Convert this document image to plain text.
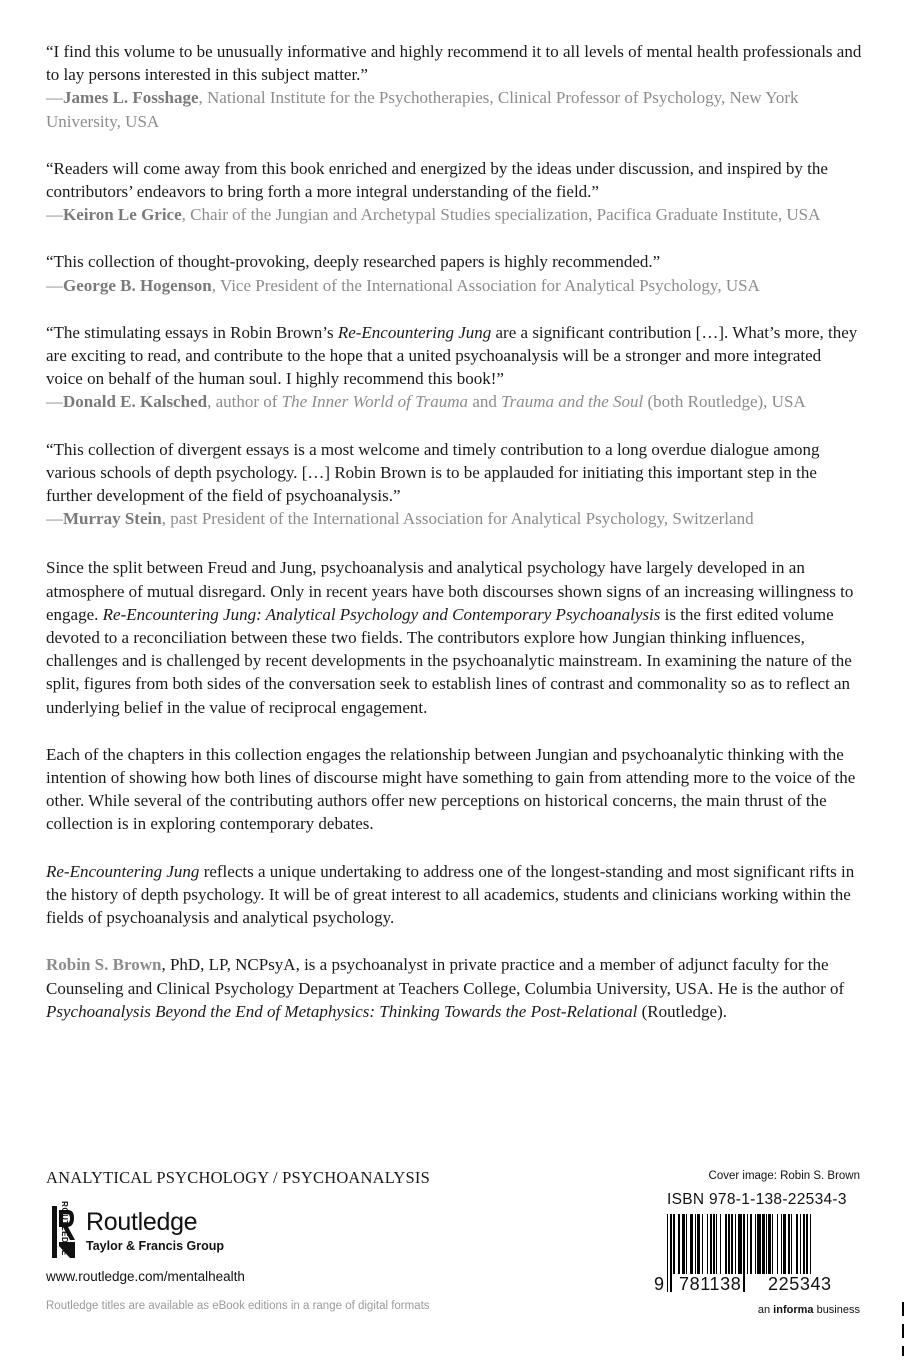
“I find this volume to be unusually informative and highly recommend it to all levels of mental health professionals and to lay persons interested in this subject matter.”
—James L. Fosshage, National Institute for the Psychotherapies, Clinical Professor of Psychology, New York University, USA

“Readers will come away from this book enriched and energized by the ideas under discussion, and inspired by the contributors’ endeavors to bring forth a more integral understanding of the field.”
—Keiron Le Grice, Chair of the Jungian and Archetypal Studies specialization, Pacifica Graduate Institute, USA

“This collection of thought-provoking, deeply researched papers is highly recommended.”
—George B. Hogenson, Vice President of the International Association for Analytical Psychology, USA

“The stimulating essays in Robin Brown’s Re-Encountering Jung are a significant contribution […]. What’s more, they are exciting to read, and contribute to the hope that a united psychoanalysis will be a stronger and more integrated voice on behalf of the human soul. I highly recommend this book!”
—Donald E. Kalsched, author of The Inner World of Trauma and Trauma and the Soul (both Routledge), USA

“This collection of divergent essays is a most welcome and timely contribution to a long overdue dialogue among various schools of depth psychology. […] Robin Brown is to be applauded for initiating this important step in the further development of the field of psychoanalysis.”
—Murray Stein, past President of the International Association for Analytical Psychology, Switzerland

Since the split between Freud and Jung, psychoanalysis and analytical psychology have largely developed in an atmosphere of mutual disregard. Only in recent years have both discourses shown signs of an increasing willingness to engage. Re-Encountering Jung: Analytical Psychology and Contemporary Psychoanalysis is the first edited volume devoted to a reconciliation between these two fields. The contributors explore how Jungian thinking influences, challenges and is challenged by recent developments in the psychoanalytic mainstream. In examining the nature of the split, figures from both sides of the conversation seek to establish lines of contrast and commonality so as to reflect an underlying belief in the value of reciprocal engagement.

Each of the chapters in this collection engages the relationship between Jungian and psychoanalytic thinking with the intention of showing how both lines of discourse might have something to gain from attending more to the voice of the other. While several of the contributing authors offer new perceptions on historical concerns, the main thrust of the collection is in exploring contemporary debates.

Re-Encountering Jung reflects a unique undertaking to address one of the longest-standing and most significant rifts in the history of depth psychology. It will be of great interest to all academics, students and clinicians working within the fields of psychoanalysis and analytical psychology.

Robin S. Brown, PhD, LP, NCPsyA, is a psychoanalyst in private practice and a member of adjunct faculty for the Counseling and Clinical Psychology Department at Teachers College, Columbia University, USA. He is the author of Psychoanalysis Beyond the End of Metaphysics: Thinking Towards the Post-Relational (Routledge).

ANALYTICAL PSYCHOLOGY / PSYCHOANALYSIS
ROUTLEDGE Routledge
Taylor & Francis Group
www.routledge.com/mentalhealth
Routledge titles are available as eBook editions in a range of digital formats
Cover image: Robin S. Brown
ISBN 978-1-138-22534-3
9 781138 225343
an informa business
